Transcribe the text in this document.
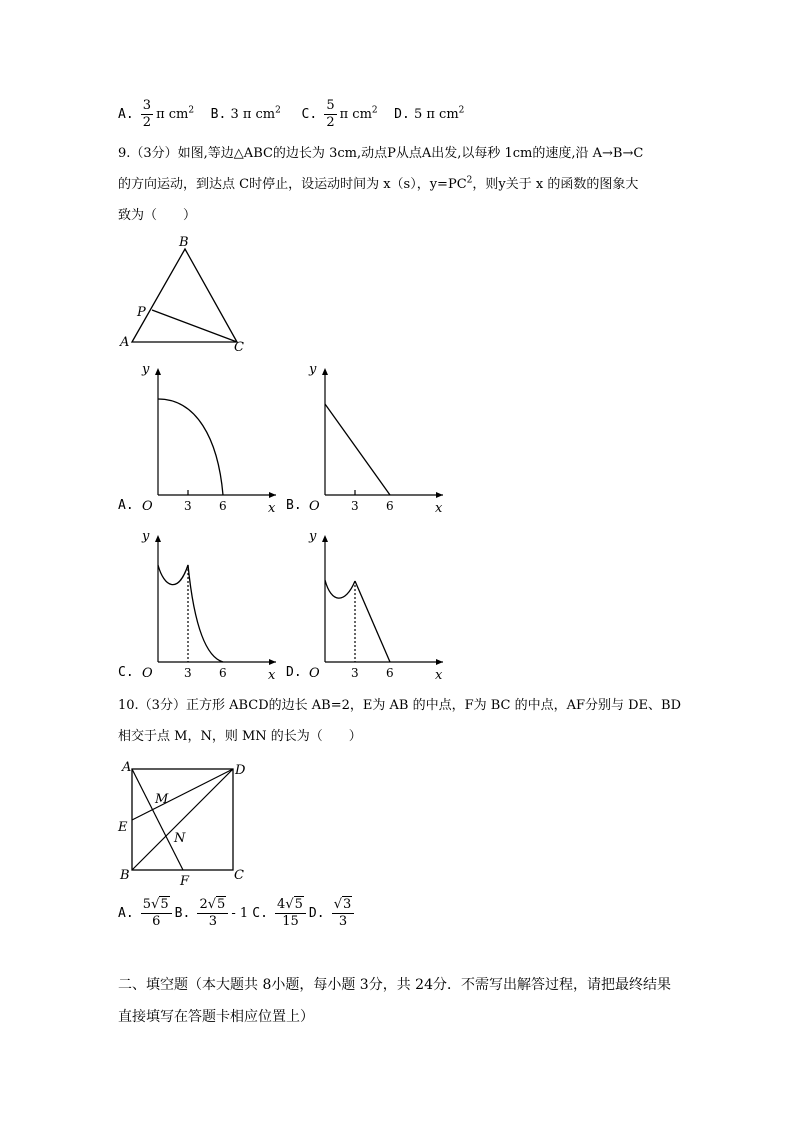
A. $\frac{3}{2}$ π $cm^2$ B. 3 π $cm^2$ C. $\frac{5}{2}$ π $cm^2$ D. 5 π $cm^2$
9.（3分）如图,等边△ABC的边长为 3cm,动点P从点A出发,以每秒 1cm的速度,沿 A→B→C
的方向运动，到达点 C时停止，设运动时间为 x（s），$y=PC^2$，则y关于 x 的函数的图象大
致为（　　）
B
A	C
P
A. O	3 6	x
y
B. O	3 6	x
y
C. O	3 6	x
y
D. O	3 6	x
y
10.（3分）正方形 ABCD的边长 AB=2，E为 AB 的中点，F为 BC 的中点，AF分别与 DE、BD
相交于点 M，N，则 MN 的长为（　　）
A	D
E
B	C
F
M
N
A. $\frac{5√5}{6} B$. $\frac{2√5}{3} - 1$ C. $\frac{4√5}{15} D$. $\frac{√3}{3}$
二、填空题（本大题共 8小题，每小题 3分，共 24分．不需写出解答过程，请把最终结果
直接填写在答题卡相应位置上）
